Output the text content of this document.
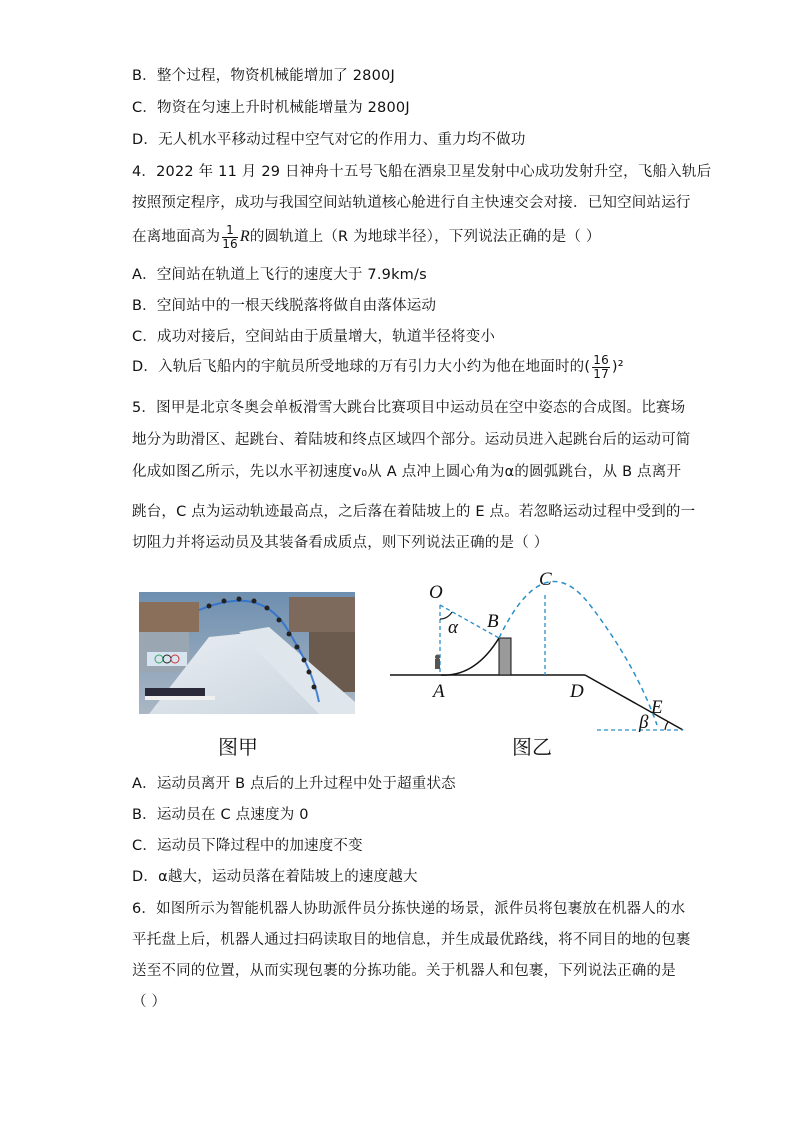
B．整个过程，物资机械能增加了 2800J
C．物资在匀速上升时机械能增量为 2800J
D．无人机水平移动过程中空气对它的作用力、重力均不做功
4．2022 年 11 月 29 日神舟十五号飞船在酒泉卫星发射中心成功发射升空，飞船入轨后
按照预定程序，成功与我国空间站轨道核心舱进行自主快速交会对接．已知空间站运行
在离地面高为 $\frac{1}{16}$ R的圆轨道上（R 为地球半径），下列说法正确的是（ ）
A．空间站在轨道上飞行的速度大于 7.9km/s
B．空间站中的一根天线脱落将做自由落体运动
C．成功对接后，空间站由于质量增大，轨道半径将变小
D．入轨后飞船内的宇航员所受地球的万有引力大小约为他在地面时的( $\frac{16}{17} )^2$
5．图甲是北京冬奥会单板滑雪大跳台比赛项目中运动员在空中姿态的合成图。比赛场
地分为助滑区、起跳台、着陆坡和终点区域四个部分。运动员进入起跳台后的运动可简
化成如图乙所示，先以水平初速度v₀从 A 点冲上圆心角为α的圆弧跳台，从 B 点离开
跳台，C 点为运动轨迹最高点，之后落在着陆坡上的 E 点。若忽略运动过程中受到的一
切阻力并将运动员及其装备看成质点，则下列说法正确的是（ ）
O
α B
C
A	D
E
β
图甲	图乙
A．运动员离开 B 点后的上升过程中处于超重状态
B．运动员在 C 点速度为 0
C．运动员下降过程中的加速度不变
D．α越大，运动员落在着陆坡上的速度越大
6．如图所示为智能机器人协助派件员分拣快递的场景，派件员将包裹放在机器人的水
平托盘上后，机器人通过扫码读取目的地信息，并生成最优路线，将不同目的地的包裹
送至不同的位置，从而实现包裹的分拣功能。关于机器人和包裹，下列说法正确的是
（ ）
